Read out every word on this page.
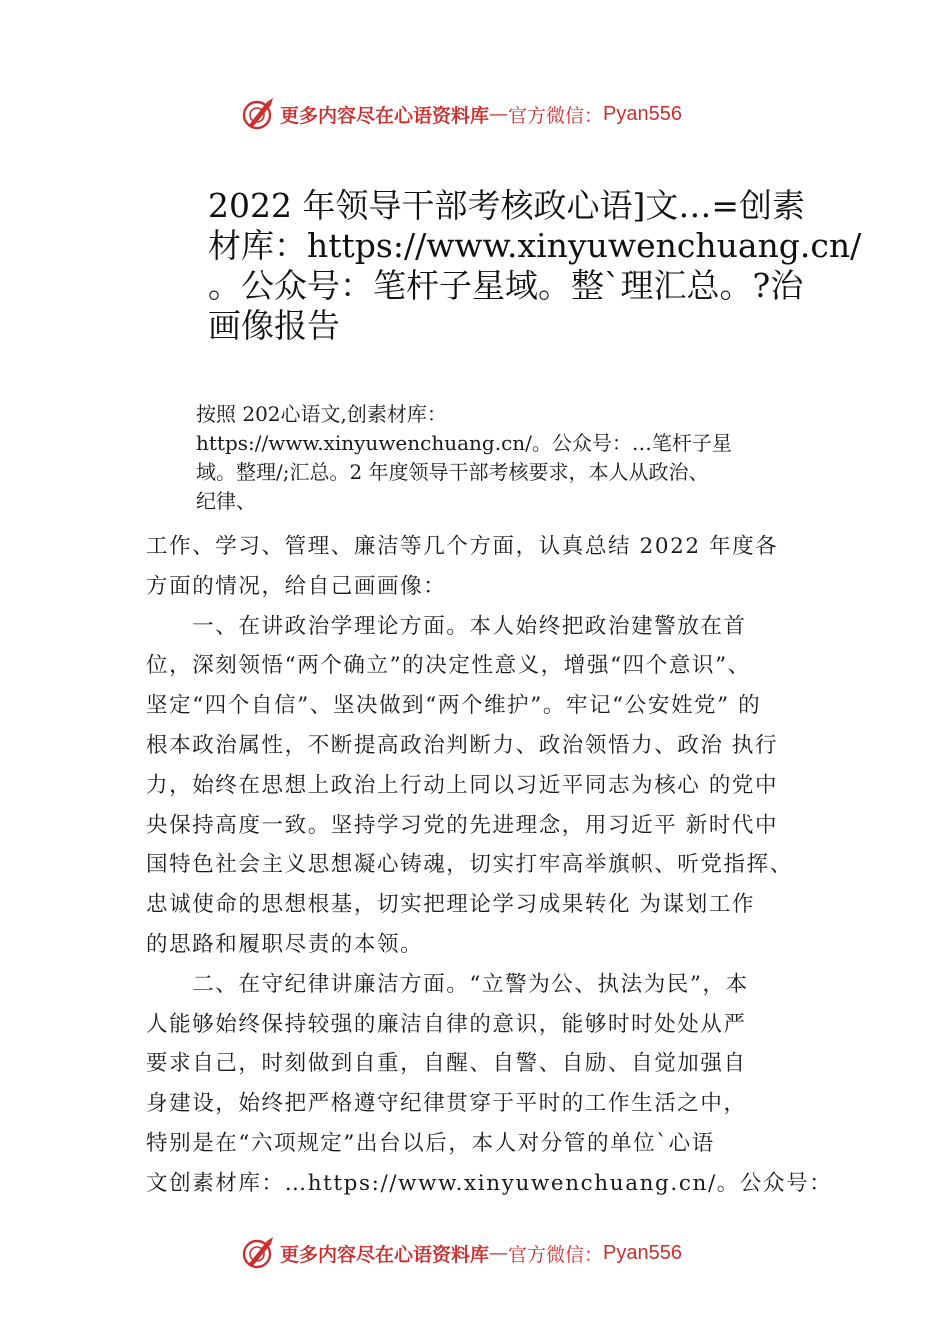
更多内容尽在心语资料库 — 官方微信： Pyan556
2022 年领导干部考核政心语]文…=创素
材库：https://www.xinyuwenchuang.cn/
。公众号：笔杆子星域。整`理汇总。?治
画像报告
按照 202心语文,创素材库：
https://www.xinyuwenchuang.cn/。公众号：…笔杆子星
域。整理/;汇总。2 年度领导干部考核要求，本人从政治、
纪律、
工作、学习、管理、廉洁等几个方面，认真总结 2022 年度各
方面的情况，给自己画画像：
　　一、在讲政治学理论方面。本人始终把政治建警放在首
位，深刻领悟“两个确立”的决定性意义，增强“四个意识”、
坚定“四个自信”、坚决做到“两个维护”。牢记“公安姓党” 的
根本政治属性，不断提高政治判断力、政治领悟力、政治 执行
力，始终在思想上政治上行动上同以习近平同志为核心 的党中
央保持高度一致。坚持学习党的先进理念，用习近平 新时代中
国特色社会主义思想凝心铸魂，切实打牢高举旗帜、听党指挥、
忠诚使命的思想根基，切实把理论学习成果转化 为谋划工作
的思路和履职尽责的本领。
　　二、在守纪律讲廉洁方面。“立警为公、执法为民”，本
人能够始终保持较强的廉洁自律的意识，能够时时处处从严
要求自己，时刻做到自重，自醒、自警、自励、自觉加强自
身建设，始终把严格遵守纪律贯穿于平时的工作生活之中，
特别是在“六项规定”出台以后，本人对分管的单位`心语
文创素材库：…https://www.xinyuwenchuang.cn/。公众号：
更多内容尽在心语资料库 — 官方微信： Pyan556
